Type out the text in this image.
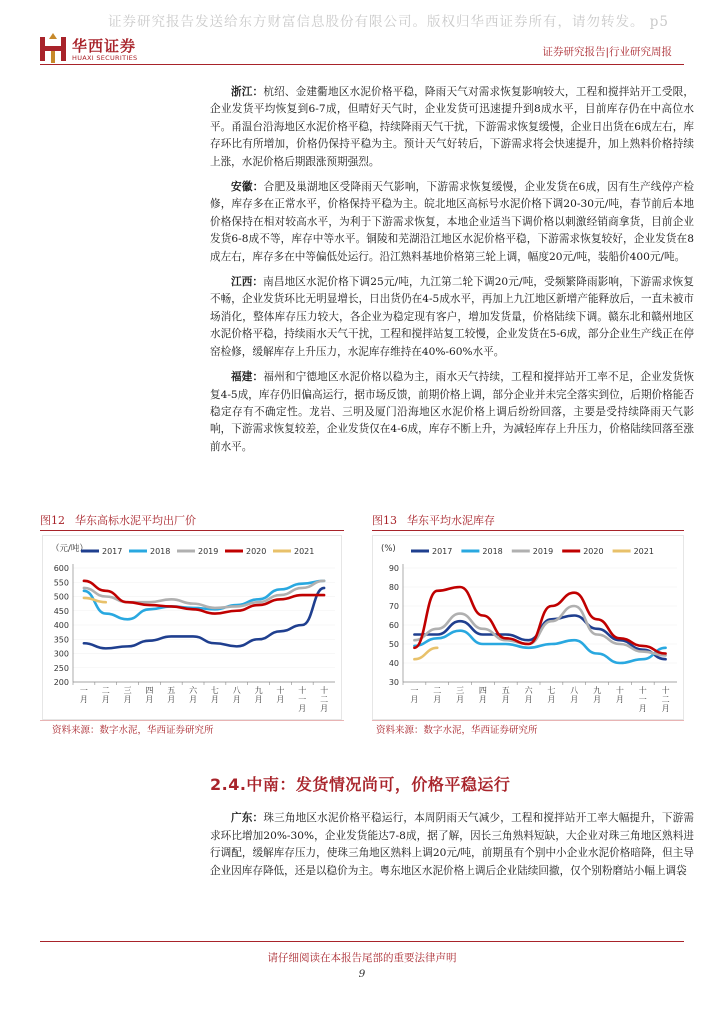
证券研究报告发送给东方财富信息股份有限公司。版权归华西证券所有，请勿转发。 p5
华西证券
HUAXI SECURITIES	证券研究报告|行业研究周报

浙江：杭绍、金建衢地区水泥价格平稳，降雨天气对需求恢复影响较大，工程和搅拌站开工受限，企业发货平均恢复到6-7成，但晴好天气时，企业发货可迅速提升到8成水平，目前库存仍在中高位水平。甬温台沿海地区水泥价格平稳，持续降雨天气干扰，下游需求恢复缓慢，企业日出货在6成左右，库存环比有所增加，价格仍保持平稳为主。预计天气好转后，下游需求将会快速提升，加上熟料价格持续上涨，水泥价格后期跟涨预期强烈。

安徽：合肥及巢湖地区受降雨天气影响，下游需求恢复缓慢，企业发货在6成，因有生产线停产检修，库存多在正常水平，价格保持平稳为主。皖北地区高标号水泥价格下调20-30元/吨，春节前后本地价格保持在相对较高水平，为利于下游需求恢复，本地企业适当下调价格以刺激经销商拿货，目前企业发货6-8成不等，库存中等水平。铜陵和芜湖沿江地区水泥价格平稳，下游需求恢复较好，企业发货在8成左右，库存多在中等偏低处运行。沿江熟料基地价格第三轮上调，幅度20元/吨，装船价400元/吨。

江西：南昌地区水泥价格下调25元/吨，九江第二轮下调20元/吨，受频繁降雨影响，下游需求恢复不畅，企业发货环比无明显增长，日出货仍在4-5成水平，再加上九江地区新增产能释放后，一直未被市场消化，整体库存压力较大，各企业为稳定现有客户，增加发货量，价格陆续下调。赣东北和赣州地区水泥价格平稳，持续雨水天气干扰，工程和搅拌站复工较慢，企业发货在5-6成，部分企业生产线正在停窑检修，缓解库存上升压力，水泥库存维持在40%-60%水平。

福建：福州和宁德地区水泥价格以稳为主，雨水天气持续，工程和搅拌站开工率不足，企业发货恢复4-5成，库存仍旧偏高运行，据市场反馈，前期价格上调，部分企业并未完全落实到位，后期价格能否稳定存有不确定性。龙岩、三明及厦门沿海地区水泥价格上调后纷纷回落，主要是受持续降雨天气影响，下游需求恢复较差，企业发货仅在4-6成，库存不断上升，为减轻库存上升压力，价格陆续回落至涨前水平。

图12 华东高标水泥平均出厂价
（元/吨） 2017	2018	2019	2020	2021
200
250
300
350
400
450
500
550
600
一月
二月
三月
四月
五月
六月
七月
八月
九月
十月
十一月
十二月
资料来源：数字水泥，华西证券研究所
图13 华东平均水泥库存
(%)	2017	2018	2019	2020	2021
30
40
50
60
70
80
90
一月
二月
三月
四月
五月
六月
七月
八月
九月
十月
十一月
十二月
资料来源：数字水泥，华西证券研究所
2.4.中南：发货情况尚可，价格平稳运行

广东：珠三角地区水泥价格平稳运行，本周阴雨天气减少，工程和搅拌站开工率大幅提升，下游需求环比增加20%-30%，企业发货能达7-8成，据了解，因长三角熟料短缺，大企业对珠三角地区熟料进行调配，缓解库存压力，使珠三角地区熟料上调20元/吨，前期虽有个别中小企业水泥价格暗降，但主导企业因库存降低，还是以稳价为主。粤东地区水泥价格上调后企业陆续回撤，仅个别粉磨站小幅上调袋

请仔细阅读在本报告尾部的重要法律声明
9
